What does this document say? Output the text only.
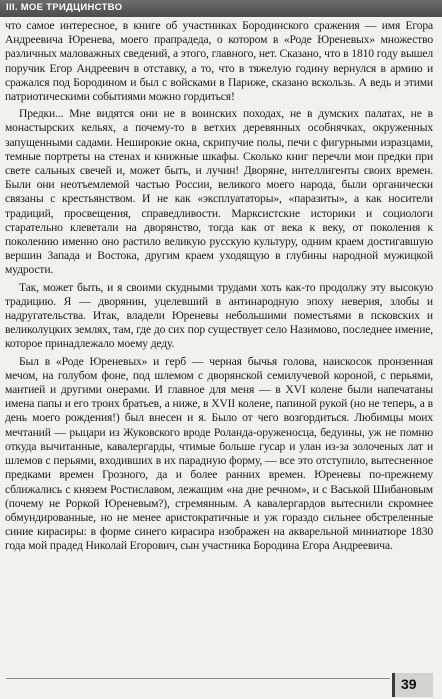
III. МОЕ ТРИДЦИНСТВО

что самое интересное, в книге об участниках Бородинского сражения — имя Егора Андреевича Юренева, моего прапрадеда, о котором в «Роде Юреневых» множество различных маловажных сведений, а этого, главного, нет. Сказано, что в 1810 году вышел поручик Егор Андреевич в отставку, а то, что в тяжелую годину вернулся в армию и сражался под Бородином и был с войсками в Париже, сказано вскользь. А ведь и этими патриотическими событиями можно гордиться!

Предки... Мне видятся они не в воинских походах, не в думских палатах, не в монастырских кельях, а почему-то в ветхих деревянных особнячках, окруженных запущенными садами. Неширокие окна, скрипучие полы, печи с фигурными изразцами, темные портреты на стенах и книжные шкафы. Сколько книг перечли мои предки при свете сальных свечей и, может быть, и лучин! Дворяне, интеллигенты своих времен. Были они неотъемлемой частью России, великого моего народа, были органически связаны с крестьянством. И не как «эксплуататоры», «паразиты», а как носители традиций, просвещения, справедливости. Марксистские историки и социологи старательно клеветали на дворянство, тогда как от века к веку, от поколения к поколению именно оно растило великую русскую культуру, одним краем достигавшую вершин Запада и Востока, другим краем уходящую в глубины народной мужицкой мудрости.

Так, может быть, и я своими скудными трудами хоть как-то продолжу эту высокую традицию. Я — дворянин, уцелевший в антинародную эпоху неверия, злобы и надругательства. Итак, владели Юреневы небольшими поместьями в псковских и великолуцких землях, там, где до сих пор существует село Назимово, последнее имение, которое принадлежало моему деду.

Был в «Роде Юреневых» и герб — черная бычья голова, наискосок пронзенная мечом, на голубом фоне, под шлемом с дворянской семилучевой короной, с перьями, мантией и другими онерами. И главное для меня — в XVI колене были напечатаны имена папы и его троих братьев, а ниже, в XVII колене, папиной рукой (но не теперь, а в день моего рождения!) был внесен и я. Было от чего возгордиться. Любимцы моих мечтаний — рыцари из Жуковского вроде Роланда-оруженосца, бедуины, уж не помню откуда вычитанные, кавалергарды, чтимые больше гусар и улан из-за золоченых лат и шлемов с перьями, входивших в их парадную форму, — все это отступило, вытесненное предками времен Грозного, да и более ранних времен. Юреневы по-прежнему сближались с князем Ростиславом, лежащим «на дне речном», и с Васькой Шибановым (почему не Роркой Юреневым?), стремянным. А кавалергардов вытеснили скромнее обмундированные, но не менее аристократичные и уж гораздо сильнее обстреленные синие кирасиры: в форме синего кирасира изображен на акварельной миниатюре 1830 года мой прадед Николай Егорович, сын участника Бородина Егора Андреевича.

39
